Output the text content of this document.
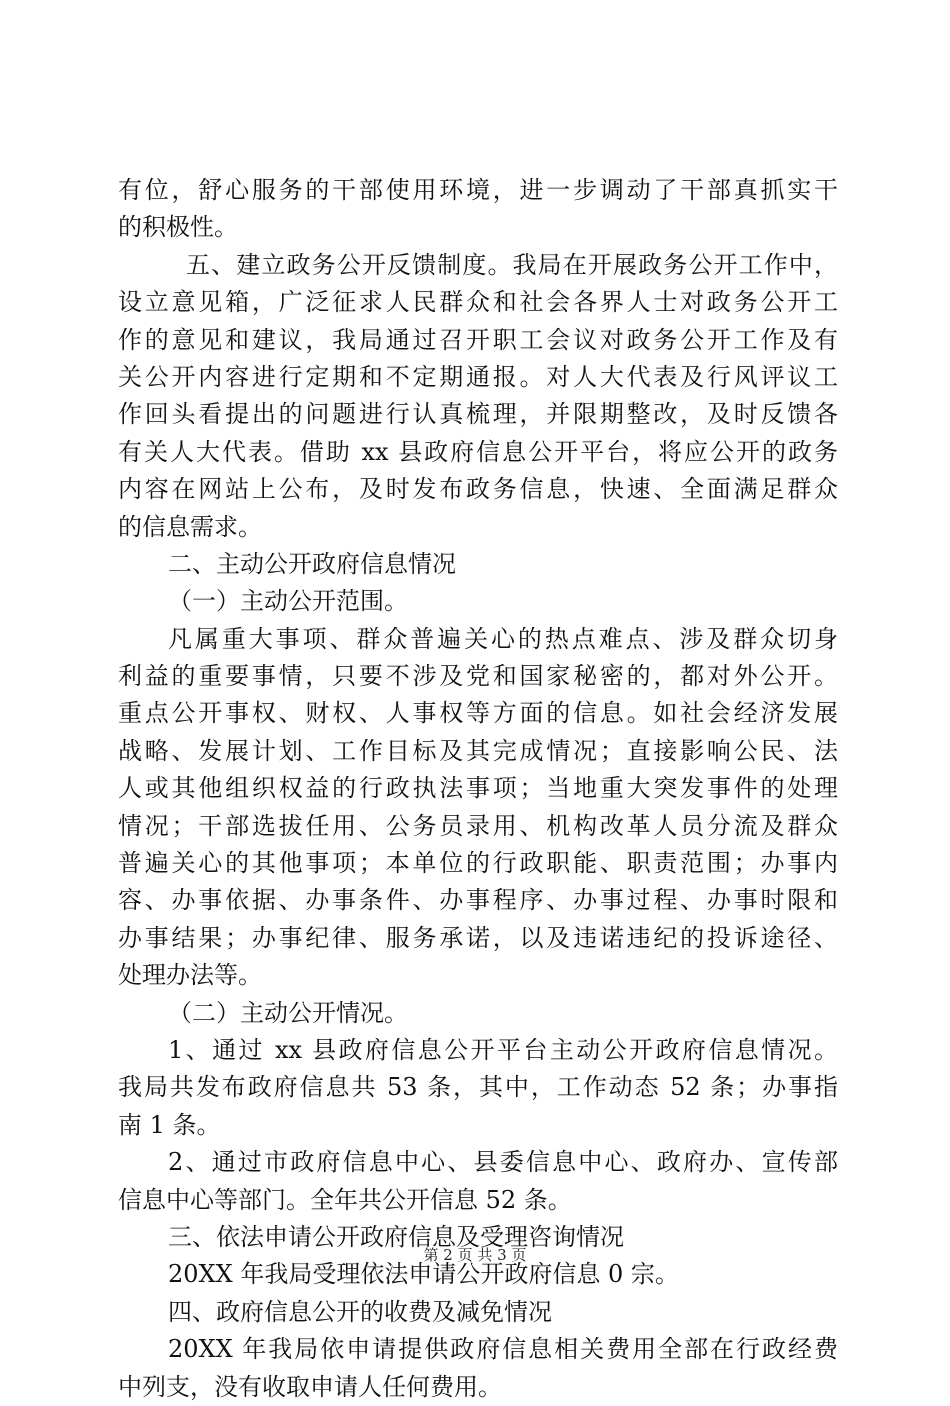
有位，舒心服务的干部使用环境，进一步调动了干部真抓实干
的积极性。
五、建立政务公开反馈制度。我局在开展政务公开工作中，
设立意见箱，广泛征求人民群众和社会各界人士对政务公开工
作的意见和建议，我局通过召开职工会议对政务公开工作及有
关公开内容进行定期和不定期通报。对人大代表及行风评议工
作回头看提出的问题进行认真梳理，并限期整改，及时反馈各
有关人大代表。借助 xx 县政府信息公开平台，将应公开的政务
内容在网站上公布，及时发布政务信息，快速、全面满足群众
的信息需求。
二、主动公开政府信息情况
（一）主动公开范围。
凡属重大事项、群众普遍关心的热点难点、涉及群众切身
利益的重要事情，只要不涉及党和国家秘密的，都对外公开。
重点公开事权、财权、人事权等方面的信息。如社会经济发展
战略、发展计划、工作目标及其完成情况；直接影响公民、法
人或其他组织权益的行政执法事项；当地重大突发事件的处理
情况；干部选拔任用、公务员录用、机构改革人员分流及群众
普遍关心的其他事项；本单位的行政职能、职责范围；办事内
容、办事依据、办事条件、办事程序、办事过程、办事时限和
办事结果；办事纪律、服务承诺，以及违诺违纪的投诉途径、
处理办法等。
（二）主动公开情况。
1、通过 xx 县政府信息公开平台主动公开政府信息情况。
我局共发布政府信息共 53 条，其中，工作动态 52 条；办事指
南 1 条。
2、通过市政府信息中心、县委信息中心、政府办、宣传部
信息中心等部门。全年共公开信息 52 条。
三、依法申请公开政府信息及受理咨询情况
20XX 年我局受理依法申请公开政府信息 0 宗。
四、政府信息公开的收费及减免情况
20XX 年我局依申请提供政府信息相关费用全部在行政经费
中列支，没有收取申请人任何费用。
第 2 页 共 3 页
